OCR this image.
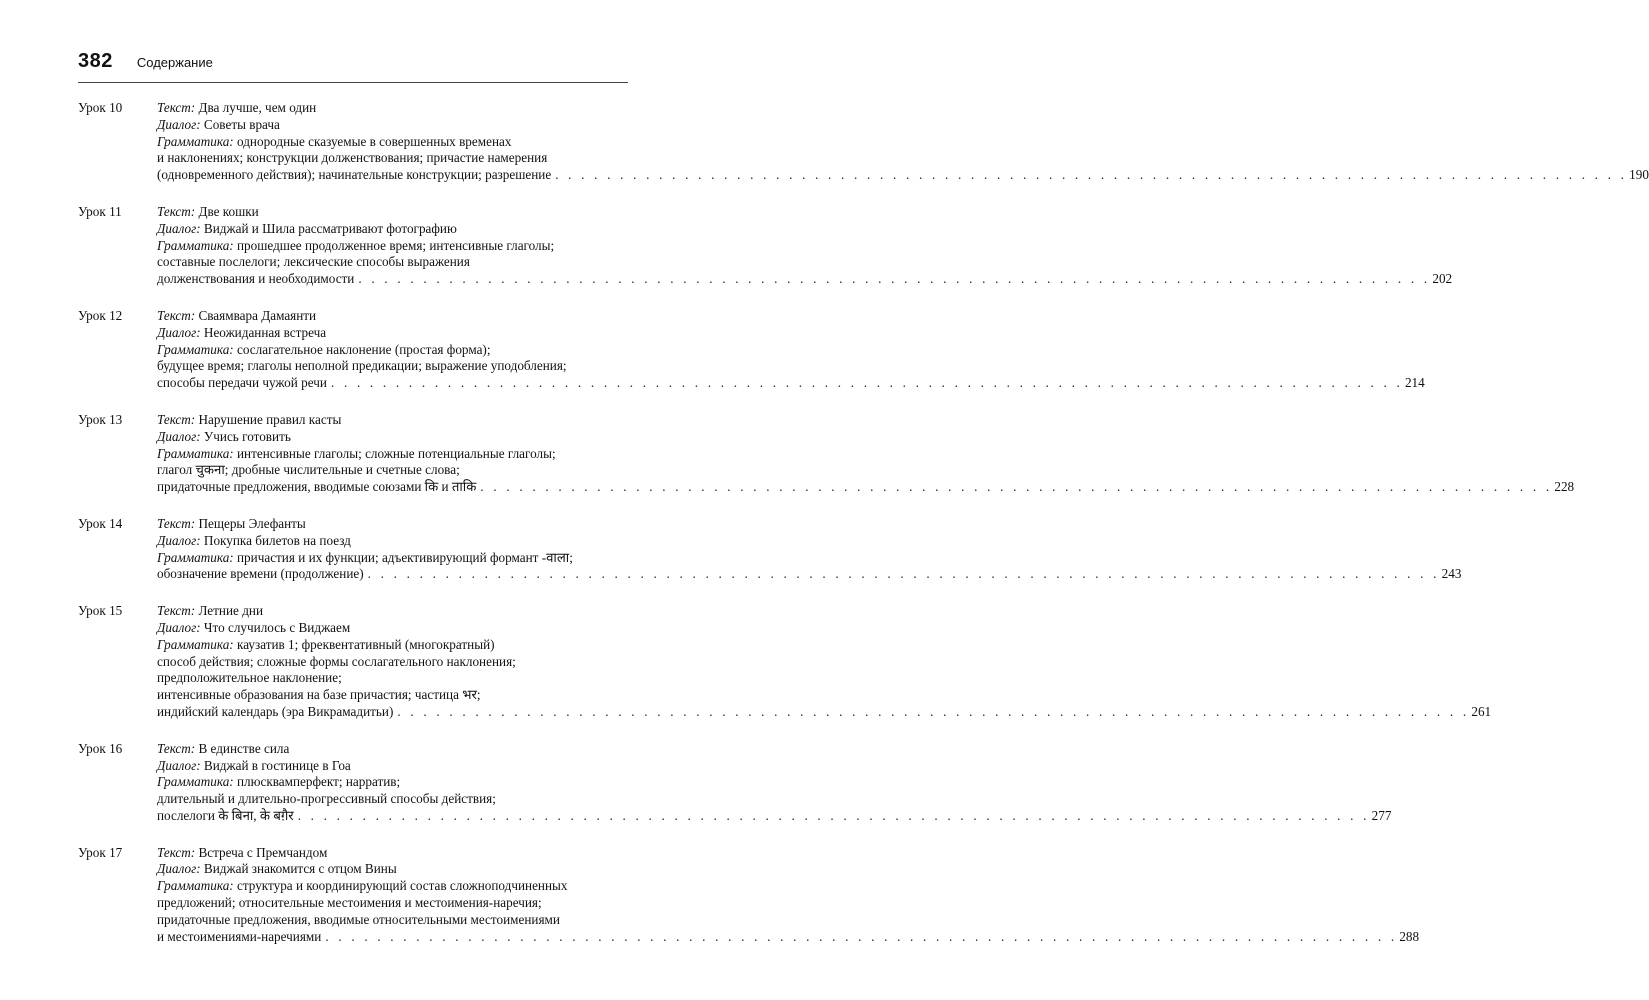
382 Содержание
Урок 10	Текст: Два лучше, чем один
Диалог: Советы врача
Грамматика: однородные сказуемые в совершенных временах
и наклонениях; конструкции долженствования; причастие намерения
(одновременного действия); начинательные конструкции; разрешение . . .	190
Урок 11	Текст: Две кошки
Диалог: Виджай и Шила рассматривают фотографию
Грамматика: прошедшее продолженное время; интенсивные глаголы;
составные послелоги; лексические способы выражения
долженствования и необходимости . . .	202
Урок 12	Текст: Сваямвара Дамаянти
Диалог: Неожиданная встреча
Грамматика: сослагательное наклонение (простая форма);
будущее время; глаголы неполной предикации; выражение уподобления;
способы передачи чужой речи . . .	214
Урок 13	Текст: Нарушение правил касты
Диалог: Учись готовить
Грамматика: интенсивные глаголы; сложные потенциальные глаголы;
глагол चुकना; дробные числительные и счетные слова;
придаточные предложения, вводимые союзами कि и ताकि . . .	228
Урок 14	Текст: Пещеры Элефанты
Диалог: Покупка билетов на поезд
Грамматика: причастия и их функции; адъективирующий формант -वाला;
обозначение времени (продолжение) . . .	243
Урок 15	Текст: Летние дни
Диалог: Что случилось с Виджаем
Грамматика: каузатив 1; фреквентативный (многократный)
способ действия; сложные формы сослагательного наклонения;
предположительное наклонение;
интенсивные образования на базе причастия; частица भर;
индийский календарь (эра Викрамадитьи) . . .	261
Урок 16	Текст: В единстве сила
Диалог: Виджай в гостинице в Гоа
Грамматика: плюсквамперфект; нарратив;
длительный и длительно-прогрессивный способы действия;
послелоги के बिना, के बग़ैर . . .	277
Урок 17	Текст: Встреча с Премчандом
Диалог: Виджай знакомится с отцом Вины
Грамматика: структура и координирующий состав сложноподчиненных
предложений; относительные местоимения и местоимения-наречия;
придаточные предложения, вводимые относительными местоимениями
и местоимениями-наречиями . . .	288
